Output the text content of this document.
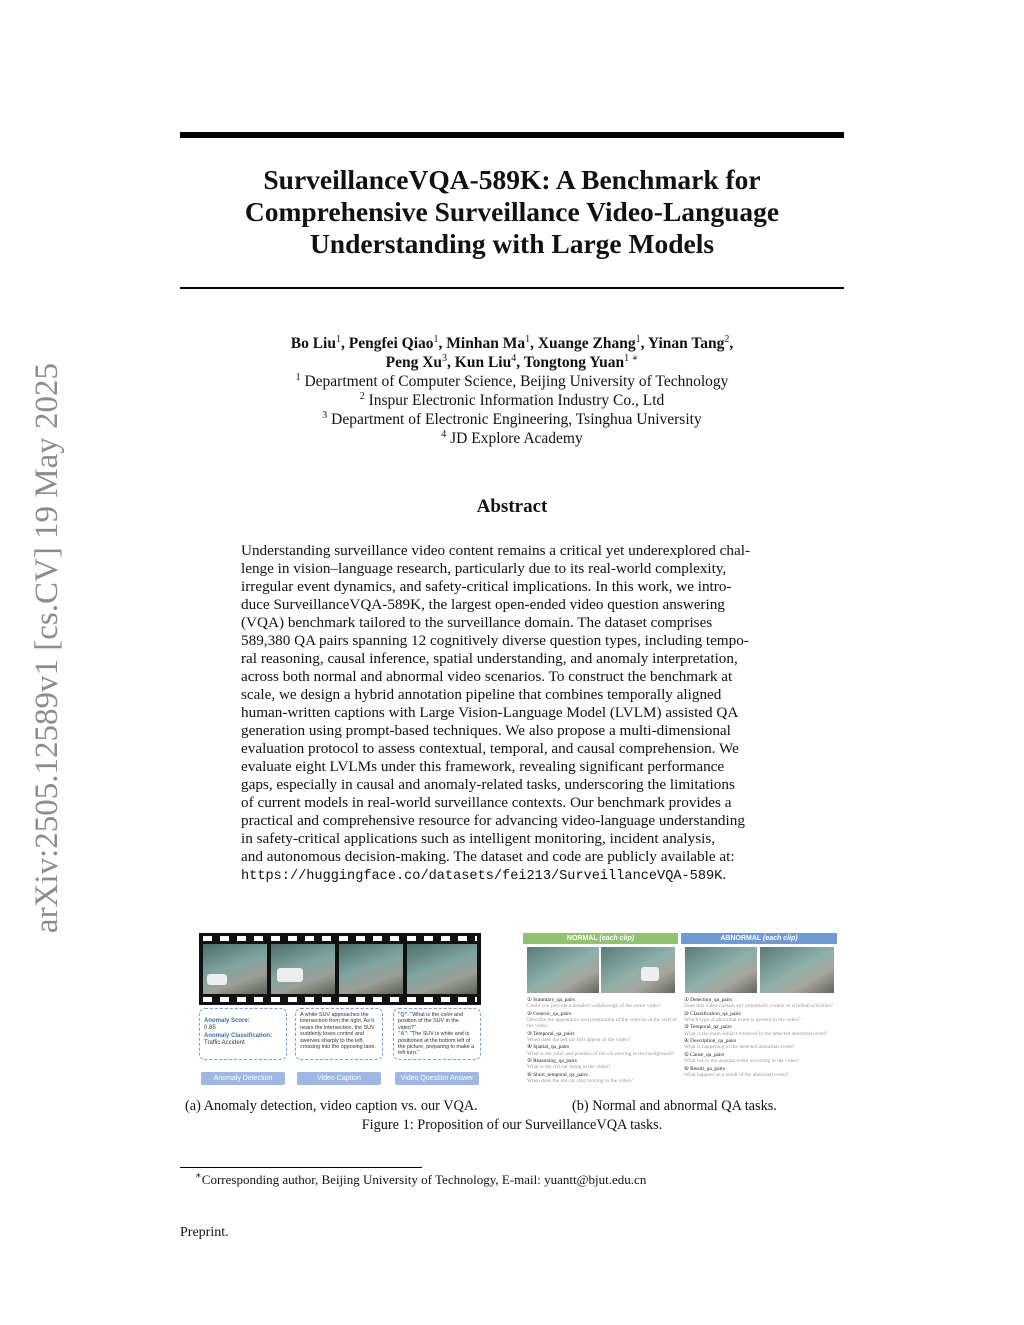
arXiv:2505.12589v1 [cs.CV] 19 May 2025
SurveillanceVQA-589K: A Benchmark for
Comprehensive Surveillance Video-Language
Understanding with Large Models
Bo Liu$^1$, Pengfei Qiao$^1$, Minhan Ma$^1$, Xuange Zhang$^1$, Yinan Tang$^2$,
Peng Xu$^3$, Kun Liu$^4$, Tongtong Yuan$^{1 ∗}$
$^1$ Department of Computer Science, Beijing University of Technology
$^2$ Inspur Electronic Information Industry Co., Ltd
$^3$ Department of Electronic Engineering, Tsinghua University
$^4$ JD Explore Academy
Abstract
Understanding surveillance video content remains a critical yet underexplored chal-
lenge in vision–language research, particularly due to its real-world complexity,
irregular event dynamics, and safety-critical implications. In this work, we intro-
duce SurveillanceVQA-589K, the largest open-ended video question answering
(VQA) benchmark tailored to the surveillance domain. The dataset comprises
589,380 QA pairs spanning 12 cognitively diverse question types, including tempo-
ral reasoning, causal inference, spatial understanding, and anomaly interpretation,
across both normal and abnormal video scenarios. To construct the benchmark at
scale, we design a hybrid annotation pipeline that combines temporally aligned
human-written captions with Large Vision-Language Model (LVLM) assisted QA
generation using prompt-based techniques. We also propose a multi-dimensional
evaluation protocol to assess contextual, temporal, and causal comprehension. We
evaluate eight LVLMs under this framework, revealing significant performance
gaps, especially in causal and anomaly-related tasks, underscoring the limitations
of current models in real-world surveillance contexts. Our benchmark provides a
practical and comprehensive resource for advancing video-language understanding
in safety-critical applications such as intelligent monitoring, incident analysis,
and autonomous decision-making. The dataset and code are publicly available at:
https://huggingface.co/datasets/fei213/SurveillanceVQA-589K.
Anomaly Score:
0.85
Anomaly Classification:
Traffic Accident
A white SUV approaches the intersection from the right. As it nears the intersection, the SUV suddenly loses control and swerves sharply to the left, crossing into the opposing lane.
"Q": "What is the color and position of the SUV in the video?"
"A": "The SUV is white and is positioned at the bottom left of the picture, preparing to make a left turn."
Anomaly Detection	Video Caption	Video Question Answer
NORMAL (each clip)	ABNORMAL (each clip)
① Summary_qa_pairs
Could you provide a detailed walkthrough of the entire video?
② Generic_qa_pairs
Describe the appearance and positioning of the vehicles at the start of the video.
③ Temporal_qa_pairs
When does the red car first appear in the video?
④ Spatial_qa_pairs
What is the color and position of the car moving in the background?
⑤ Reasoning_qa_pairs
What is the red car doing in the video?
⑥ Short_temporal_qa_pairs
When does the red car start moving in the video?
① Detection_qa_pairs
Does this video contain any potentially violent or criminal activities?
② Classification_qa_pairs
Which type of abnormal event is present in the video?
③ Temporal_qa_pairs
What is the main subject involved in the detected abnormal event?
④ Description_qa_pairs
What is happening in the detected abnormal event?
⑤ Cause_qa_pairs
What led to the unusual event occurring in the video?
⑥ Result_qa_pairs
What happens as a result of the abnormal event?
(a) Anomaly detection, video caption vs. our VQA.	(b) Normal and abnormal QA tasks.
Figure 1: Proposition of our SurveillanceVQA tasks.
∗Corresponding author, Beijing University of Technology, E-mail: yuantt@bjut.edu.cn
Preprint.
